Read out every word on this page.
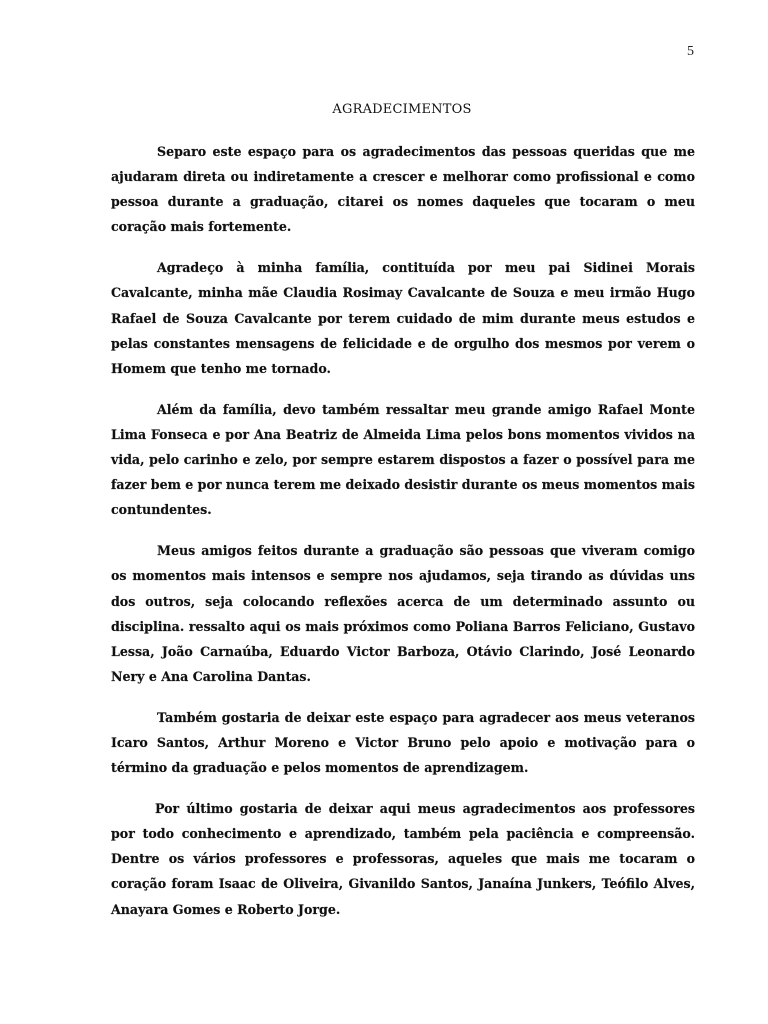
5
AGRADECIMENTOS

Separo este espaço para os agradecimentos das pessoas queridas que me ajudaram direta ou indiretamente a crescer e melhorar como profissional e como pessoa durante a graduação, citarei os nomes daqueles que tocaram o meu coração mais fortemente.

Agradeço à minha família, contituída por meu pai Sidinei Morais Cavalcante, minha mãe Claudia Rosimay Cavalcante de Souza e meu irmão Hugo Rafael de Souza Cavalcante por terem cuidado de mim durante meus estudos e pelas constantes mensagens de felicidade e de orgulho dos mesmos por verem o Homem que tenho me tornado.

Além da família, devo também ressaltar meu grande amigo Rafael Monte Lima Fonseca e por Ana Beatriz de Almeida Lima pelos bons momentos vividos na vida, pelo carinho e zelo, por sempre estarem dispostos a fazer o possível para me fazer bem e por nunca terem me deixado desistir durante os meus momentos mais contundentes.

Meus amigos feitos durante a graduação são pessoas que viveram comigo os momentos mais intensos e sempre nos ajudamos, seja tirando as dúvidas uns dos outros, seja colocando reflexões acerca de um determinado assunto ou disciplina. ressalto aqui os mais próximos como Poliana Barros Feliciano, Gustavo Lessa, João Carnaúba, Eduardo Victor Barboza, Otávio Clarindo, José Leonardo Nery e Ana Carolina Dantas.

Também gostaria de deixar este espaço para agradecer aos meus veteranos Icaro Santos, Arthur Moreno e Victor Bruno pelo apoio e motivação para o término da graduação e pelos momentos de aprendizagem.

Por último gostaria de deixar aqui meus agradecimentos aos professores por todo conhecimento e aprendizado, também pela paciência e compreensão. Dentre os vários professores e professoras, aqueles que mais me tocaram o coração foram Isaac de Oliveira, Givanildo Santos, Janaína Junkers, Teófilo Alves, Anayara Gomes e Roberto Jorge.
